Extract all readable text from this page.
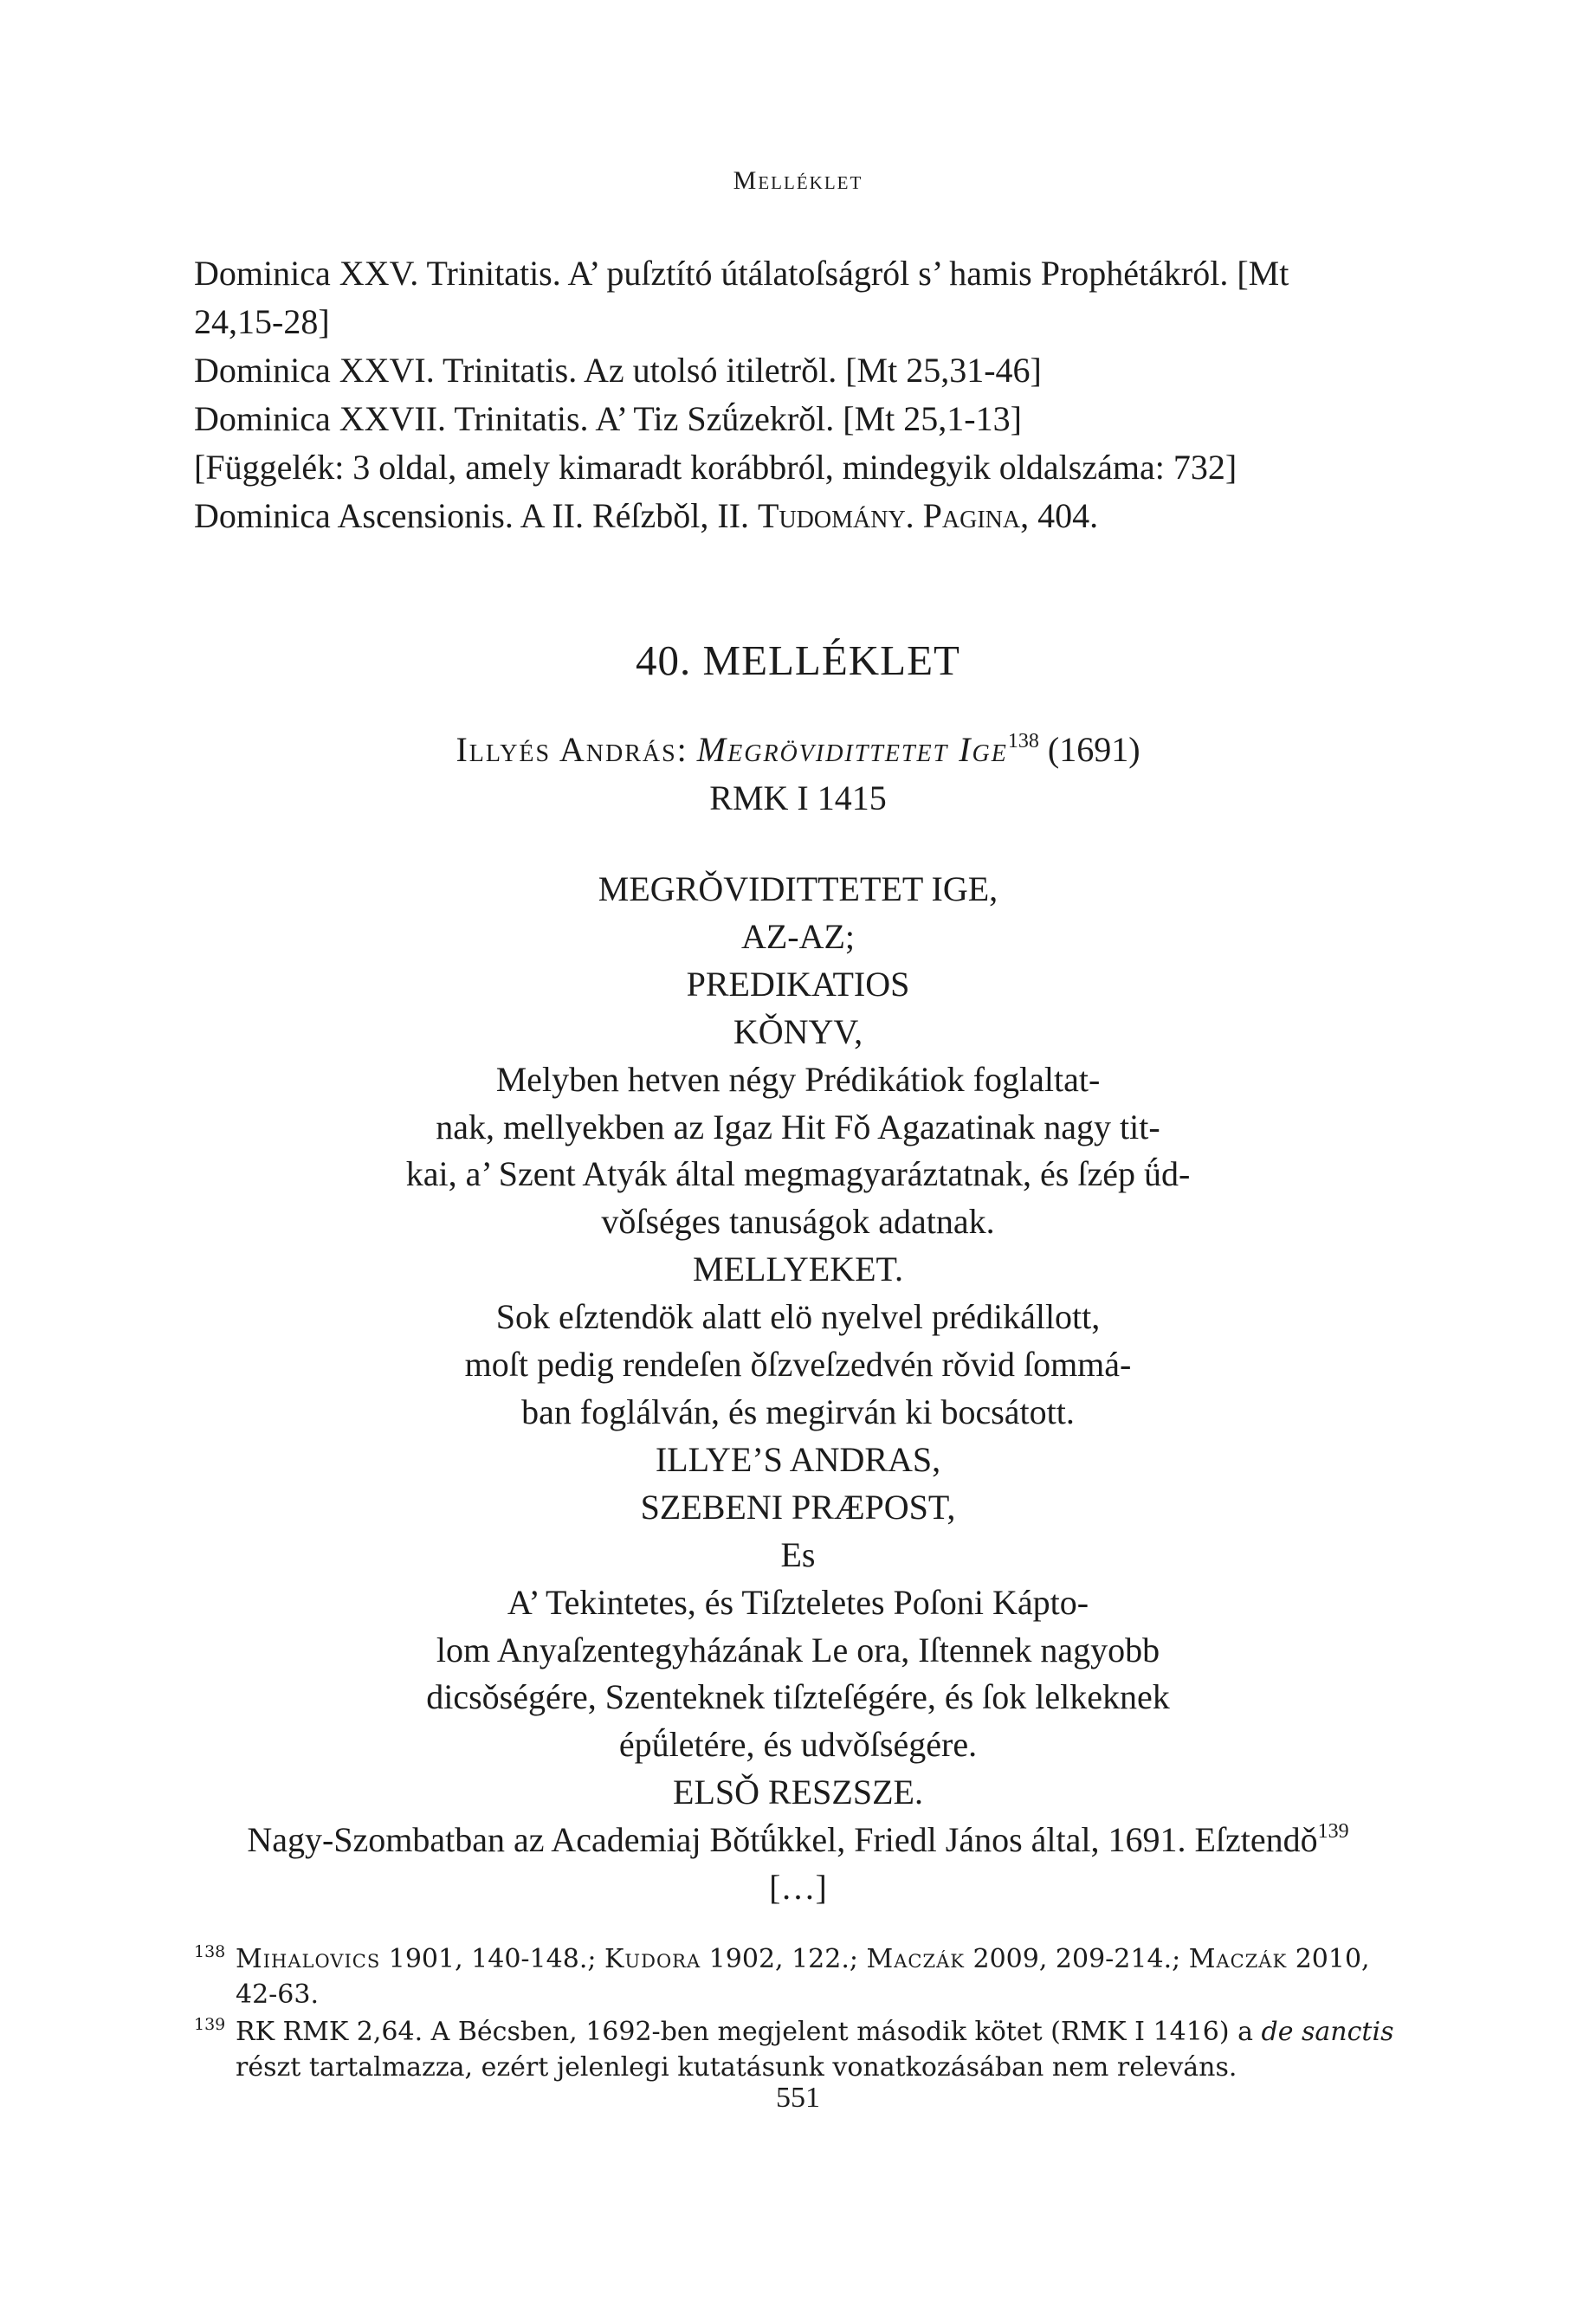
Melléklet

Dominica XXV. Trinitatis. A’ puſztító útálatoſságról s’ hamis Prophétákról. [Mt

24,15-28]

Dominica XXVI. Trinitatis. Az utolsó itiletrǒl. [Mt 25,31-46]

Dominica XXVII. Trinitatis. A’ Tiz Szǘzekrǒl. [Mt 25,1-13]

[Függelék: 3 oldal, amely kimaradt korábbról, mindegyik oldalszáma: 732]

Dominica Ascensionis. A II. Réſzbǒl, II. Tudomány. Pagina, 404.

40. MELLÉKLET

Illyés András: Megröviditteteт Ige$^{138}$ (1691)

RMK I 1415

MEGRǑVIDITTETET IGE,

AZ-AZ;

PREDIKATIOS

KǑNYV,

Melyben hetven négy Prédikátiok foglaltat-

nak, mellyekben az Igaz Hit Fǒ Agazatinak nagy tit-

kai, a’ Szent Atyák által megmagyaráztatnak, és ſzép ǘd-

vǒſséges tanuságok adatnak.

MELLYEKET.

Sok eſztendök alatt elö nyelvel prédikállott,

moſt pedig rendeſen ǒſzveſzedvén rǒvid ſommá-

ban foglálván, és megirván ki bocsátott.

ILLYE’S ANDRAS,

SZEBENI PRÆPOST,

Es

A’ Tekintetes, és Tiſzteletes Poſoni Káptο-

lom Anyaſzentegyházának Le ora, Iſtennek nagyobb

dicsǒségére, Szenteknek tiſzteſégére, és ſok lelkeknek

épǘletére, és udvǒſségére.

ELSǑ RESZSZE.

Nagy-Szombatban az Academiaj Bǒtǘkkel, Friedl János által, 1691. Eſztendǒ$^{139}$

[…]

138 Mihalovics 1901, 140-148.; Kudora 1902, 122.; Maczák 2009, 209-214.; Maczák 2010, 42-63.

139 RK RMK 2,64. A Bécsben, 1692-ben megjelent második kötet (RMK I 1416) a de sanctis részt tartalmazza, ezért jelenlegi kutatásunk vonatkozásában nem releváns.

551
